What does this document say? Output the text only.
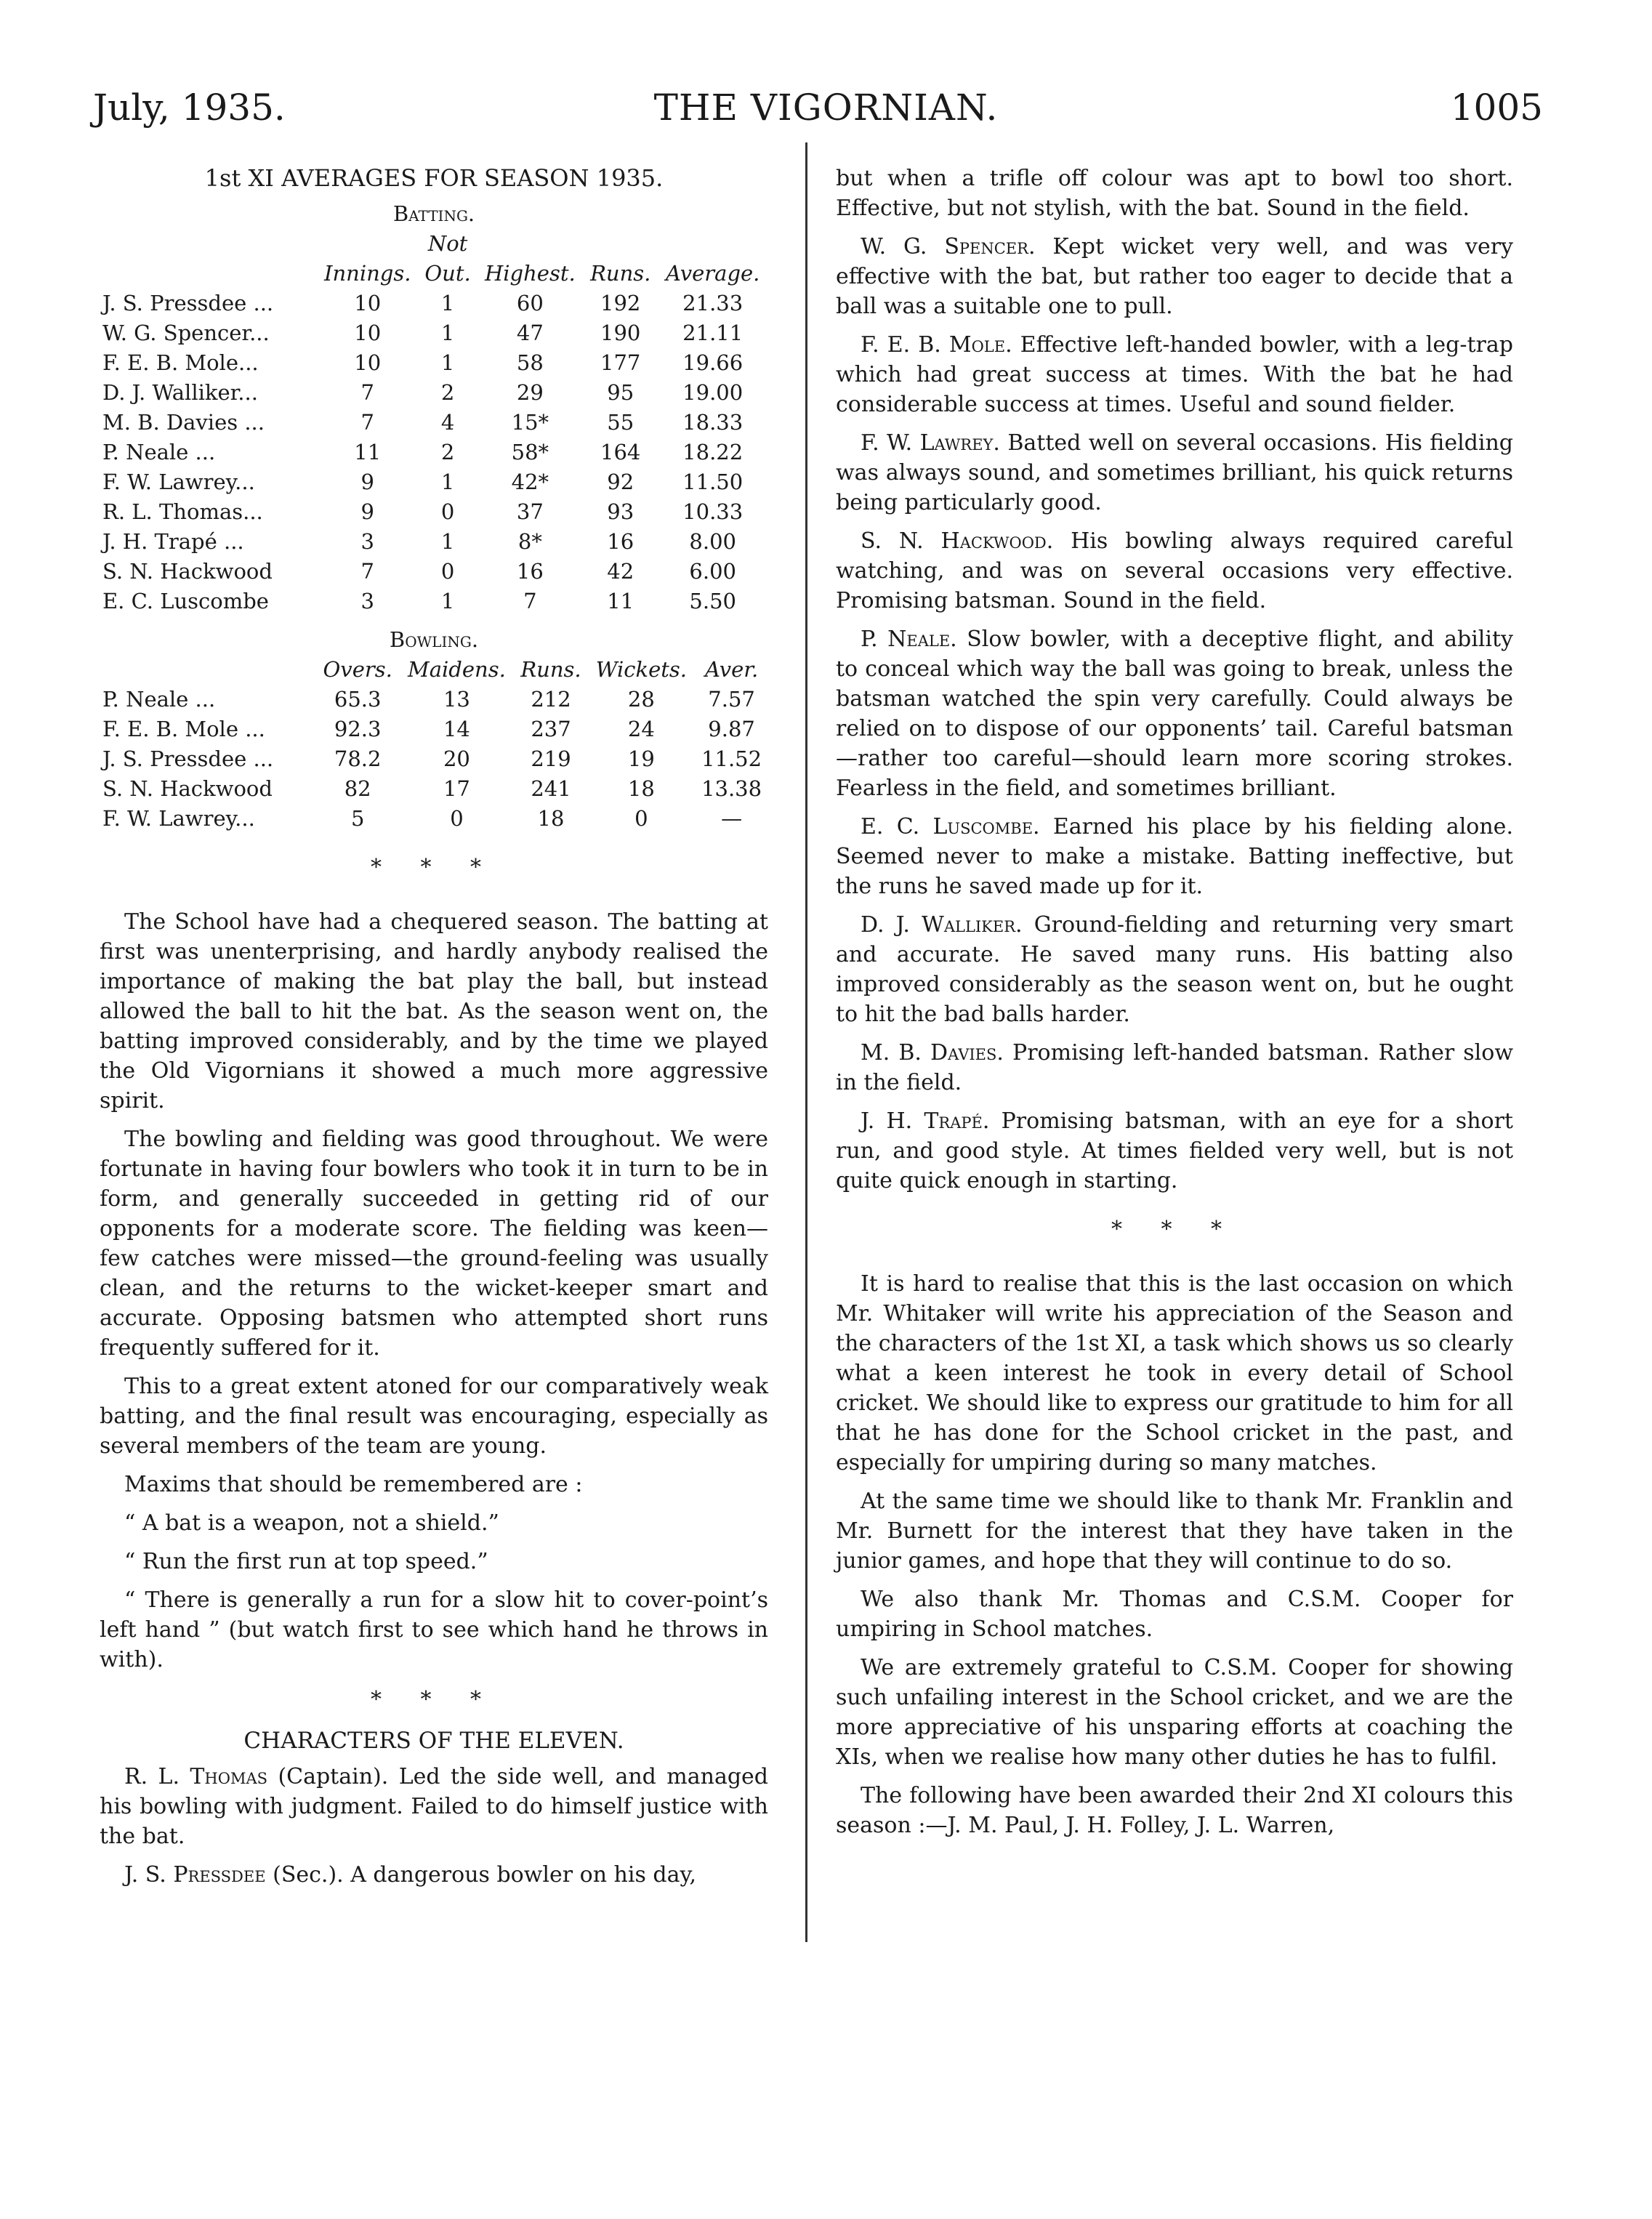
July, 1935.	THE VIGORNIAN.	1005
1st XI AVERAGES FOR SEASON 1935.
Batting.
		Not			
	Innings.	Out.	Highest.	Runs.	Average.
J. S. Pressdee ...	10	1	60	192	21.33
W. G. Spencer...	10	1	47	190	21.11
F. E. B. Mole...	10	1	58	177	19.66
D. J. Walliker...	7	2	29	95	19.00
M. B. Davies ...	7	4	15*	55	18.33
P. Neale ...	11	2	58*	164	18.22
F. W. Lawrey...	9	1	42*	92	11.50
R. L. Thomas...	9	0	37	93	10.33
J. H. Trapé ...	3	1	8*	16	8.00
S. N. Hackwood	7	0	16	42	6.00
E. C. Luscombe	3	1	7	11	5.50
Bowling.
	Overs.	Maidens.	Runs.	Wickets.	Aver.
P. Neale ...	65.3	13	212	28	7.57
F. E. B. Mole ...	92.3	14	237	24	9.87
J. S. Pressdee ...	78.2	20	219	19	11.52
S. N. Hackwood	82	17	241	18	13.38
F. W. Lawrey...	5	0	18	0	—
* * *

The School have had a chequered season. The batting at first was unenterprising, and hardly anybody realised the importance of making the bat play the ball, but instead allowed the ball to hit the bat. As the season went on, the batting improved considerably, and by the time we played the Old Vigornians it showed a much more aggressive spirit.

The bowling and fielding was good throughout. We were fortunate in having four bowlers who took it in turn to be in form, and generally succeeded in getting rid of our opponents for a moderate score. The fielding was keen—few catches were missed—the ground-feeling was usually clean, and the returns to the wicket-keeper smart and accurate. Opposing batsmen who attempted short runs frequently suffered for it.

This to a great extent atoned for our comparatively weak batting, and the final result was encouraging, especially as several members of the team are young.

Maxims that should be remembered are :

“ A bat is a weapon, not a shield.”

“ Run the first run at top speed.”

“ There is generally a run for a slow hit to cover-point’s left hand ” (but watch first to see which hand he throws in with).

* * *
CHARACTERS OF THE ELEVEN.

R. L. Thomas (Captain). Led the side well, and managed his bowling with judgment. Failed to do himself justice with the bat.

J. S. Pressdee (Sec.). A dangerous bowler on his day,

but when a trifle off colour was apt to bowl too short. Effective, but not stylish, with the bat. Sound in the field.

W. G. Spencer. Kept wicket very well, and was very effective with the bat, but rather too eager to decide that a ball was a suitable one to pull.

F. E. B. Mole. Effective left-handed bowler, with a leg-trap which had great success at times. With the bat he had considerable success at times. Useful and sound fielder.

F. W. Lawrey. Batted well on several occasions. His fielding was always sound, and sometimes brilliant, his quick returns being particularly good.

S. N. Hackwood. His bowling always required careful watching, and was on several occasions very effective. Promising batsman. Sound in the field.

P. Neale. Slow bowler, with a deceptive flight, and ability to conceal which way the ball was going to break, unless the batsman watched the spin very carefully. Could always be relied on to dispose of our opponents’ tail. Careful batsman—rather too careful—should learn more scoring strokes. Fearless in the field, and sometimes brilliant.

E. C. Luscombe. Earned his place by his fielding alone. Seemed never to make a mistake. Batting ineffective, but the runs he saved made up for it.

D. J. Walliker. Ground-fielding and returning very smart and accurate. He saved many runs. His batting also improved considerably as the season went on, but he ought to hit the bad balls harder.

M. B. Davies. Promising left-handed batsman. Rather slow in the field.

J. H. Trapé. Promising batsman, with an eye for a short run, and good style. At times fielded very well, but is not quite quick enough in starting.

* * *

It is hard to realise that this is the last occasion on which Mr. Whitaker will write his appreciation of the Season and the characters of the 1st XI, a task which shows us so clearly what a keen interest he took in every detail of School cricket. We should like to express our gratitude to him for all that he has done for the School cricket in the past, and especially for umpiring during so many matches.

At the same time we should like to thank Mr. Franklin and Mr. Burnett for the interest that they have taken in the junior games, and hope that they will continue to do so.

We also thank Mr. Thomas and C.S.M. Cooper for umpiring in School matches.

We are extremely grateful to C.S.M. Cooper for showing such unfailing interest in the School cricket, and we are the more appreciative of his unsparing efforts at coaching the XIs, when we realise how many other duties he has to fulfil.

The following have been awarded their 2nd XI colours this season :—J. M. Paul, J. H. Folley, J. L. Warren,
